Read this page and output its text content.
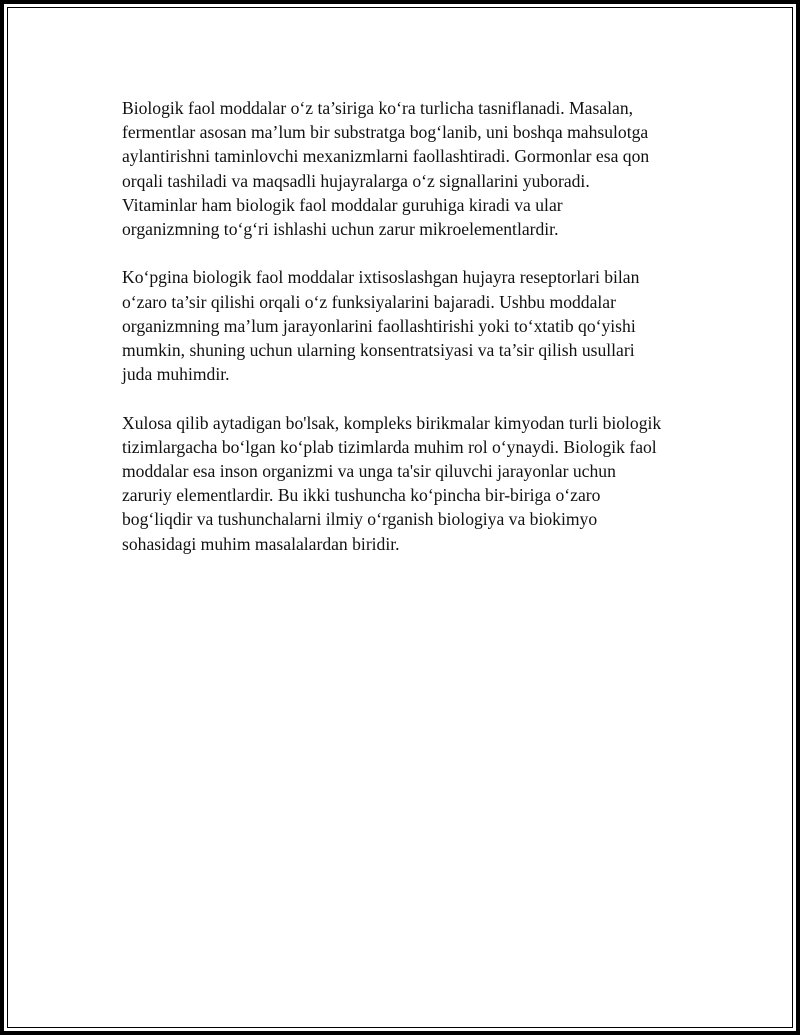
Biologik faol moddalar o‘z ta’siriga ko‘ra turlicha tasniflanadi. Masalan,
fermentlar asosan ma’lum bir substratga bog‘lanib, uni boshqa mahsulotga
aylantirishni taminlovchi mexanizmlarni faollashtiradi. Gormonlar esa qon
orqali tashiladi va maqsadli hujayralarga o‘z signallarini yuboradi.
Vitaminlar ham biologik faol moddalar guruhiga kiradi va ular
organizmning to‘g‘ri ishlashi uchun zarur mikroelementlardir.

Ko‘pgina biologik faol moddalar ixtisoslashgan hujayra reseptorlari bilan
o‘zaro ta’sir qilishi orqali o‘z funksiyalarini bajaradi. Ushbu moddalar
organizmning ma’lum jarayonlarini faollashtirishi yoki to‘xtatib qo‘yishi
mumkin, shuning uchun ularning konsentratsiyasi va ta’sir qilish usullari
juda muhimdir.

Xulosa qilib aytadigan bo'lsak, kompleks birikmalar kimyodan turli biologik
tizimlargacha bo‘lgan ko‘plab tizimlarda muhim rol o‘ynaydi. Biologik faol
moddalar esa inson organizmi va unga ta'sir qiluvchi jarayonlar uchun
zaruriy elementlardir. Bu ikki tushuncha ko‘pincha bir-biriga o‘zaro
bog‘liqdir va tushunchalarni ilmiy o‘rganish biologiya va biokimyo
sohasidagi muhim masalalardan biridir.
